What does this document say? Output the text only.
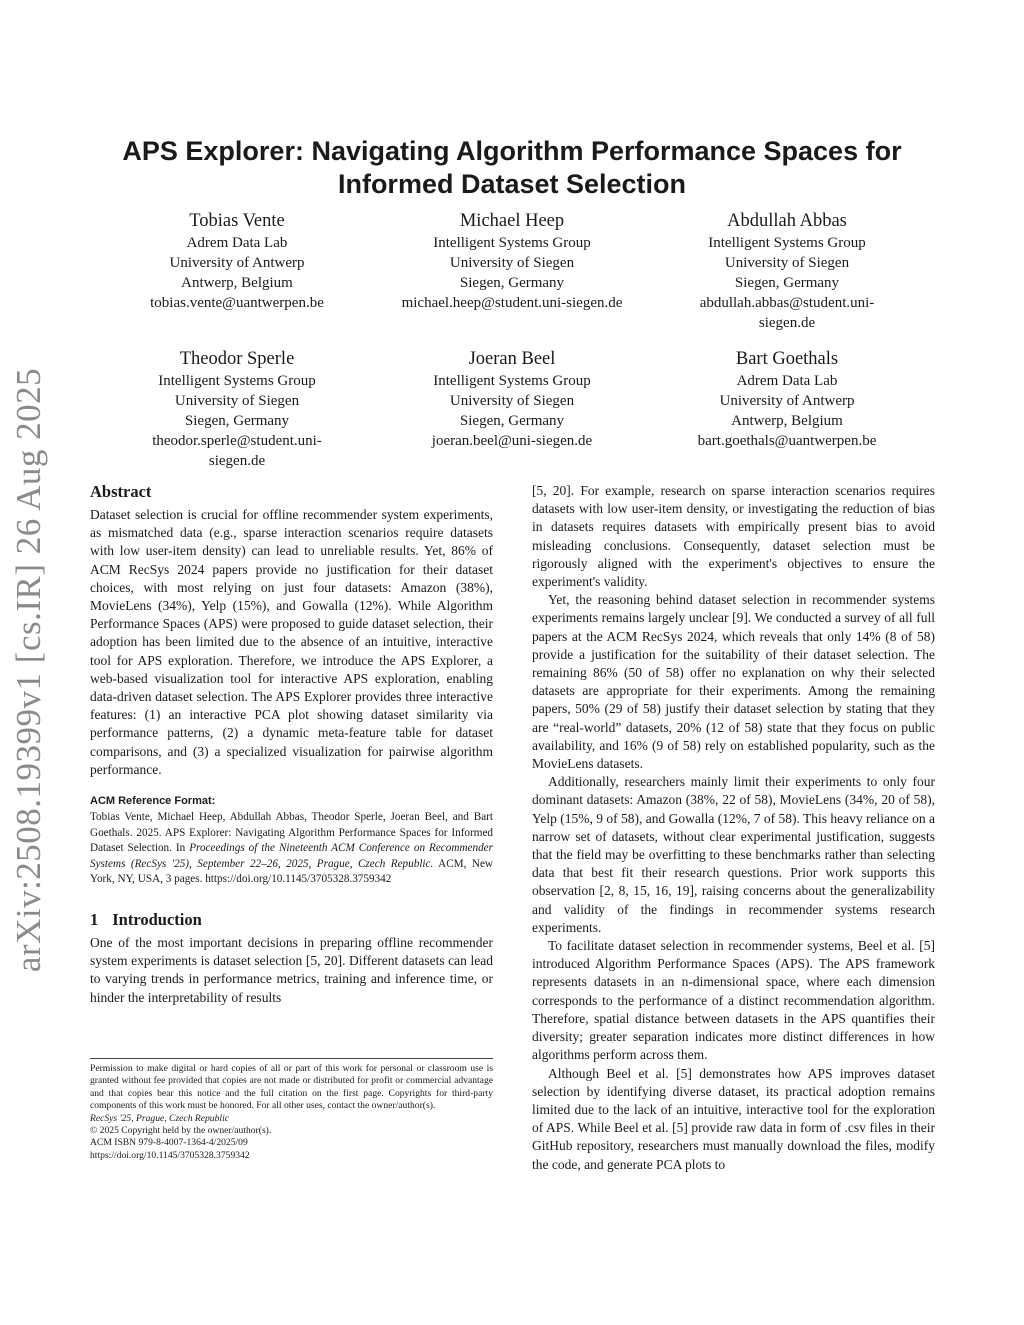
arXiv:2508.19399v1 [cs.IR] 26 Aug 2025
APS Explorer: Navigating Algorithm Performance Spaces for Informed Dataset Selection
Tobias Vente
Adrem Data Lab
University of Antwerp
Antwerp, Belgium
tobias.vente@uantwerpen.be
Michael Heep
Intelligent Systems Group
University of Siegen
Siegen, Germany
michael.heep@student.uni-siegen.de
Abdullah Abbas
Intelligent Systems Group
University of Siegen
Siegen, Germany
abdullah.abbas@student.uni-
siegen.de
Theodor Sperle
Intelligent Systems Group
University of Siegen
Siegen, Germany
theodor.sperle@student.uni-
siegen.de
Joeran Beel
Intelligent Systems Group
University of Siegen
Siegen, Germany
joeran.beel@uni-siegen.de
Bart Goethals
Adrem Data Lab
University of Antwerp
Antwerp, Belgium
bart.goethals@uantwerpen.be
Abstract

Dataset selection is crucial for offline recommender system experiments, as mismatched data (e.g., sparse interaction scenarios require datasets with low user-item density) can lead to unreliable results. Yet, 86% of ACM RecSys 2024 papers provide no justification for their dataset choices, with most relying on just four datasets: Amazon (38%), MovieLens (34%), Yelp (15%), and Gowalla (12%). While Algorithm Performance Spaces (APS) were proposed to guide dataset selection, their adoption has been limited due to the absence of an intuitive, interactive tool for APS exploration. Therefore, we introduce the APS Explorer, a web-based visualization tool for interactive APS exploration, enabling data-driven dataset selection. The APS Explorer provides three interactive features: (1) an interactive PCA plot showing dataset similarity via performance patterns, (2) a dynamic meta-feature table for dataset comparisons, and (3) a specialized visualization for pairwise algorithm performance.

ACM Reference Format:

Tobias Vente, Michael Heep, Abdullah Abbas, Theodor Sperle, Joeran Beel, and Bart Goethals. 2025. APS Explorer: Navigating Algorithm Performance Spaces for Informed Dataset Selection. In Proceedings of the Nineteenth ACM Conference on Recommender Systems (RecSys '25), September 22–26, 2025, Prague, Czech Republic. ACM, New York, NY, USA, 3 pages. https://doi.org/10.1145/3705328.3759342

1 Introduction

One of the most important decisions in preparing offline recommender system experiments is dataset selection [5, 20]. Different datasets can lead to varying trends in performance metrics, training and inference time, or hinder the interpretability of results

[5, 20]. For example, research on sparse interaction scenarios requires datasets with low user-item density, or investigating the reduction of bias in datasets requires datasets with empirically present bias to avoid misleading conclusions. Consequently, dataset selection must be rigorously aligned with the experiment's objectives to ensure the experiment's validity.

Yet, the reasoning behind dataset selection in recommender systems experiments remains largely unclear [9]. We conducted a survey of all full papers at the ACM RecSys 2024, which reveals that only 14% (8 of 58) provide a justification for the suitability of their dataset selection. The remaining 86% (50 of 58) offer no explanation on why their selected datasets are appropriate for their experiments. Among the remaining papers, 50% (29 of 58) justify their dataset selection by stating that they are “real-world” datasets, 20% (12 of 58) state that they focus on public availability, and 16% (9 of 58) rely on established popularity, such as the MovieLens datasets.

Additionally, researchers mainly limit their experiments to only four dominant datasets: Amazon (38%, 22 of 58), MovieLens (34%, 20 of 58), Yelp (15%, 9 of 58), and Gowalla (12%, 7 of 58). This heavy reliance on a narrow set of datasets, without clear experimental justification, suggests that the field may be overfitting to these benchmarks rather than selecting data that best fit their research questions. Prior work supports this observation [2, 8, 15, 16, 19], raising concerns about the generalizability and validity of the findings in recommender systems research experiments.

To facilitate dataset selection in recommender systems, Beel et al. [5] introduced Algorithm Performance Spaces (APS). The APS framework represents datasets in an n-dimensional space, where each dimension corresponds to the performance of a distinct recommendation algorithm. Therefore, spatial distance between datasets in the APS quantifies their diversity; greater separation indicates more distinct differences in how algorithms perform across them.

Although Beel et al. [5] demonstrates how APS improves dataset selection by identifying diverse dataset, its practical adoption remains limited due to the lack of an intuitive, interactive tool for the exploration of APS. While Beel et al. [5] provide raw data in form of .csv files in their GitHub repository, researchers must manually download the files, modify the code, and generate PCA plots to

Permission to make digital or hard copies of all or part of this work for personal or classroom use is granted without fee provided that copies are not made or distributed for profit or commercial advantage and that copies bear this notice and the full citation on the first page. Copyrights for third-party components of this work must be honored. For all other uses, contact the owner/author(s).

RecSys '25, Prague, Czech Republic

© 2025 Copyright held by the owner/author(s).

ACM ISBN 979-8-4007-1364-4/2025/09

https://doi.org/10.1145/3705328.3759342
